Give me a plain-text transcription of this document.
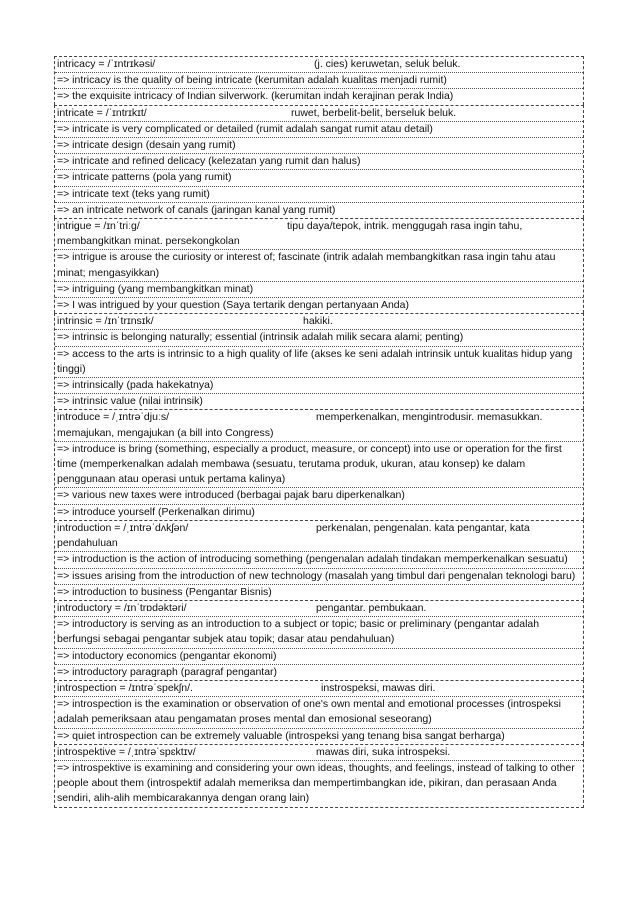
intricacy = /ˈɪntrɪkəsi/	(j. cies) keruwetan, seluk beluk.
=> intricacy is the quality of being intricate (kerumitan adalah kualitas menjadi rumit)
=> the exquisite intricacy of Indian silverwork. (kerumitan indah kerajinan perak India)
intricate = /ˈɪntrɪkɪt/	ruwet, berbelit-belit, berseluk beluk.
=> intricate is very complicated or detailed (rumit adalah sangat rumit atau detail)
=> intricate design (desain yang rumit)
=> intricate and refined delicacy (kelezatan yang rumit dan halus)
=> intricate patterns (pola yang rumit)
=> intricate text (teks yang rumit)
=> an intricate network of canals (jaringan kanal yang rumit)
intrigue = /ɪnˈtriːɡ/	tipu daya/tepok, intrik. menggugah rasa ingin tahu, membangkitkan minat. persekongkolan
=> intrigue is arouse the curiosity or interest of; fascinate (intrik adalah membangkitkan rasa ingin tahu atau minat; mengasyikkan)
=> intriguing (yang membangkitkan minat)
=> I was intrigued by your question (Saya tertarik dengan pertanyaan Anda)
intrinsic = /ɪnˈtrɪnsɪk/	hakiki.
=> intrinsic is belonging naturally; essential (intrinsik adalah milik secara alami; penting)
=> access to the arts is intrinsic to a high quality of life (akses ke seni adalah intrinsik untuk kualitas hidup yang tinggi)
=> intrinsically (pada hakekatnya)
=> intrinsic value (nilai intrinsik)
introduce = /ˌɪntrəˈdjuːs/	memperkenalkan, mengintrodusir. memasukkan. memajukan, mengajukan (a bill into Congress)
=> introduce is bring (something, especially a product, measure, or concept) into use or operation for the first time (memperkenalkan adalah membawa (sesuatu, terutama produk, ukuran, atau konsep) ke dalam penggunaan atau operasi untuk pertama kalinya)
=> various new taxes were introduced (berbagai pajak baru diperkenalkan)
=> introduce yourself (Perkenalkan dirimu)
introduction = /ˌɪntrəˈdʌkʃən/	perkenalan, pengenalan. kata pengantar, kata pendahuluan
=> introduction is the action of introducing something (pengenalan adalah tindakan memperkenalkan sesuatu)
=> issues arising from the introduction of new technology (masalah yang timbul dari pengenalan teknologi baru)
=> introduction to business (Pengantar Bisnis)
introductory = /ɪnˈtrɒdəktəri/	pengantar. pembukaan.
=> introductory is serving as an introduction to a subject or topic; basic or preliminary (pengantar adalah berfungsi sebagai pengantar subjek atau topik; dasar atau pendahuluan)
=> intoductory economics (pengantar ekonomi)
=> introductory paragraph (paragraf pengantar)
introspection = /ɪntrəˈspekʃn/.	instrospeksi, mawas diri.
=> introspection is the examination or observation of one's own mental and emotional processes (introspeksi adalah pemeriksaan atau pengamatan proses mental dan emosional seseorang)
=> quiet introspection can be extremely valuable (introspeksi yang tenang bisa sangat berharga)
introspektive = /ˌɪntrəˈspɛktɪv/	mawas diri, suka introspeksi.
=> introspektive is examining and considering your own ideas, thoughts, and feelings, instead of talking to other people about them (introspektif adalah memeriksa dan mempertimbangkan ide, pikiran, dan perasaan Anda sendiri, alih-alih membicarakannya dengan orang lain)
